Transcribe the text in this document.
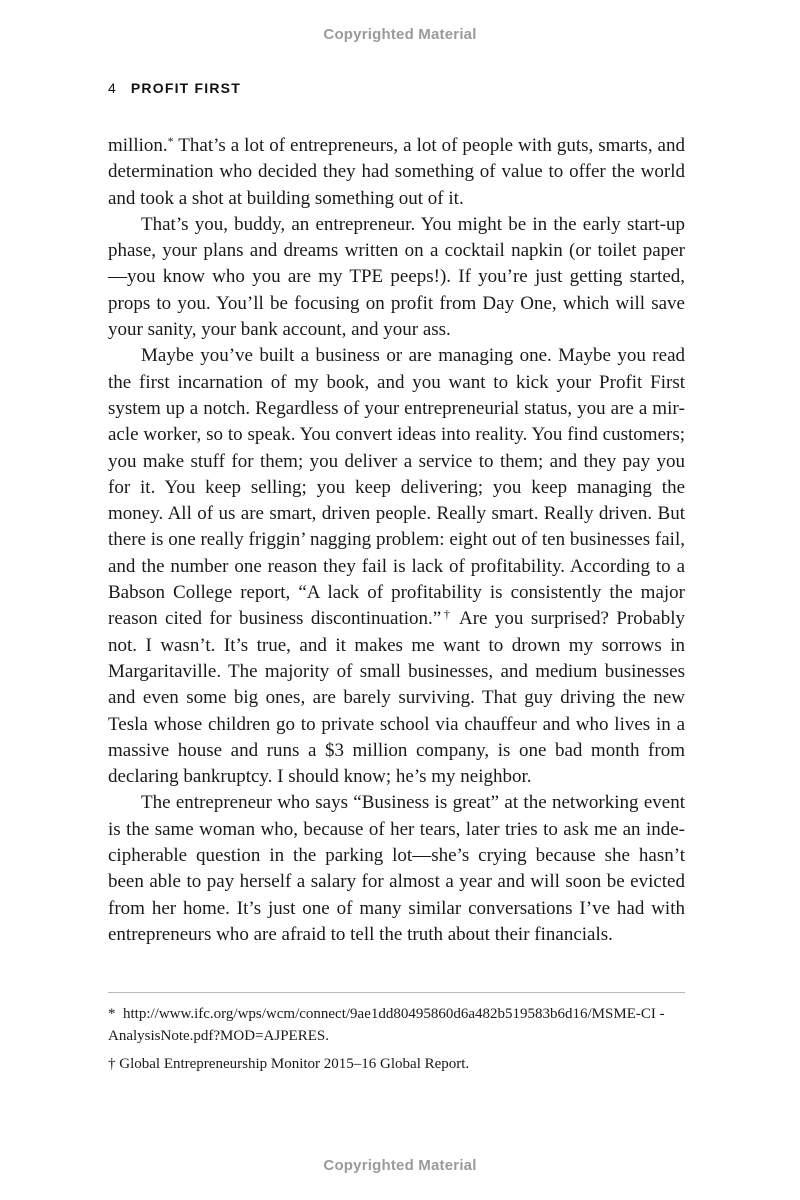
Copyrighted Material
4 PROFIT FIRST

million.* That’s a lot of entrepreneurs, a lot of people with guts, smarts, and determination who decided they had something of value to offer the world and took a shot at building something out of it.

That’s you, buddy, an entrepreneur. You might be in the early start-up phase, your plans and dreams written on a cocktail napkin (or toilet paper—you know who you are my TPE peeps!). If you’re just getting started, props to you. You’ll be focusing on profit from Day One, which will save your sanity, your bank account, and your ass.

Maybe you’ve built a business or are managing one. Maybe you read the first incarnation of my book, and you want to kick your Profit First system up a notch. Regardless of your entrepreneurial status, you are a miracle worker, so to speak. You convert ideas into reality. You find customers; you make stuff for them; you deliver a service to them; and they pay you for it. You keep selling; you keep delivering; you keep managing the money. All of us are smart, driven people. Really smart. Really driven. But there is one really friggin’ nagging problem: eight out of ten businesses fail, and the number one reason they fail is lack of profitability. According to a Babson College report, “A lack of profitability is consistently the major reason cited for business discontinuation.”† Are you surprised? Probably not. I wasn’t. It’s true, and it makes me want to drown my sorrows in Margaritaville. The majority of small businesses, and medium businesses and even some big ones, are barely surviving. That guy driving the new Tesla whose children go to private school via chauffeur and who lives in a massive house and runs a $3 million company, is one bad month from declaring bankruptcy. I should know; he’s my neighbor.

The entrepreneur who says “Business is great” at the networking event is the same woman who, because of her tears, later tries to ask me an indecipherable question in the parking lot—she’s crying because she hasn’t been able to pay herself a salary for almost a year and will soon be evicted from her home. It’s just one of many similar conversations I’ve had with entrepreneurs who are afraid to tell the truth about their financials.

* http://www.ifc.org/wps/wcm/connect/9ae1dd80495860d6a482b519583b6d16/MSME-CI -AnalysisNote.pdf?MOD=AJPERES.

† Global Entrepreneurship Monitor 2015–16 Global Report.

Copyrighted Material
